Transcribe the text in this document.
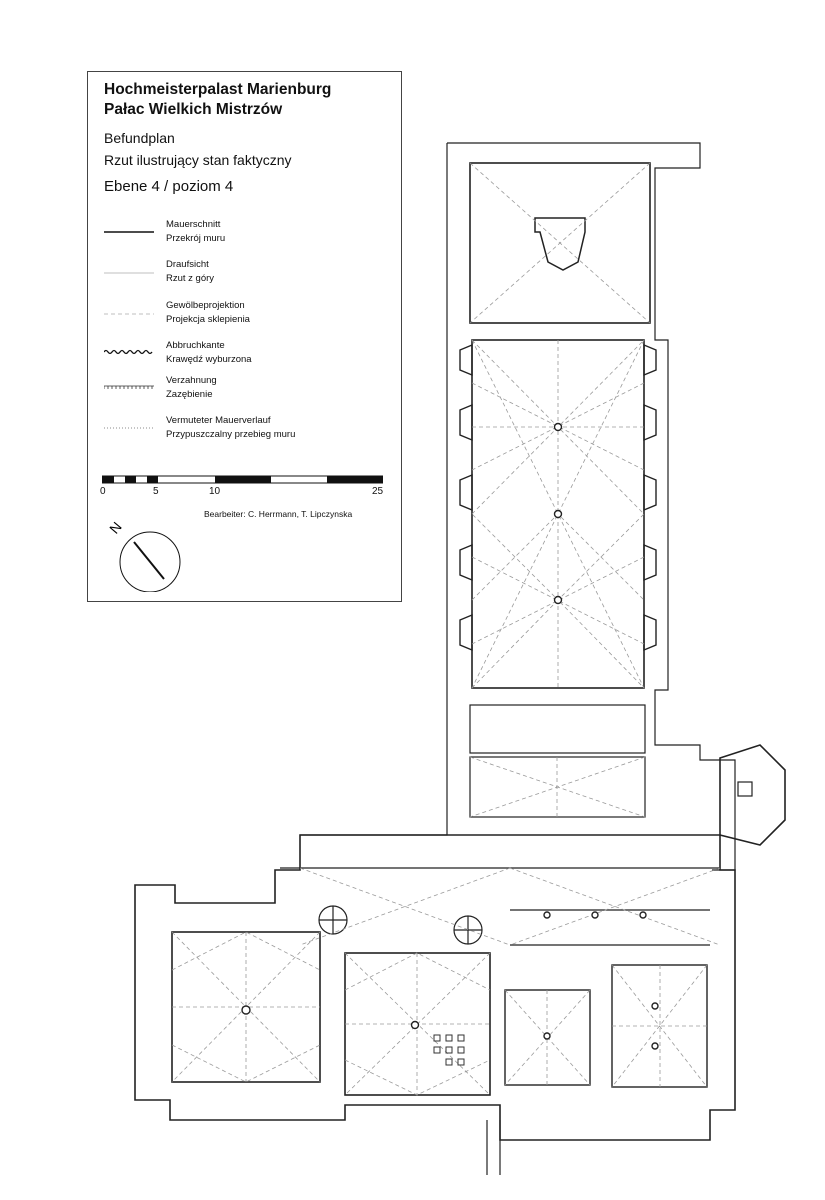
Hochmeisterpalast Marienburg
Pałac Wielkich Mistrzów
Befundplan
Rzut ilustrujący stan faktyczny
Ebene 4 / poziom 4
Mauerschnitt
Przekrój muru
Draufsicht
Rzut z góry
Gewölbeprojektion
Projekcja sklepienia
Abbruchkante
Krawędź wyburzona
Verzahnung
Zazębienie
Vermuteter Mauerverlauf
Przypuszczalny przebieg muru
0	5	10	25
N
Bearbeiter: C. Herrmann, T. Lipczynska
